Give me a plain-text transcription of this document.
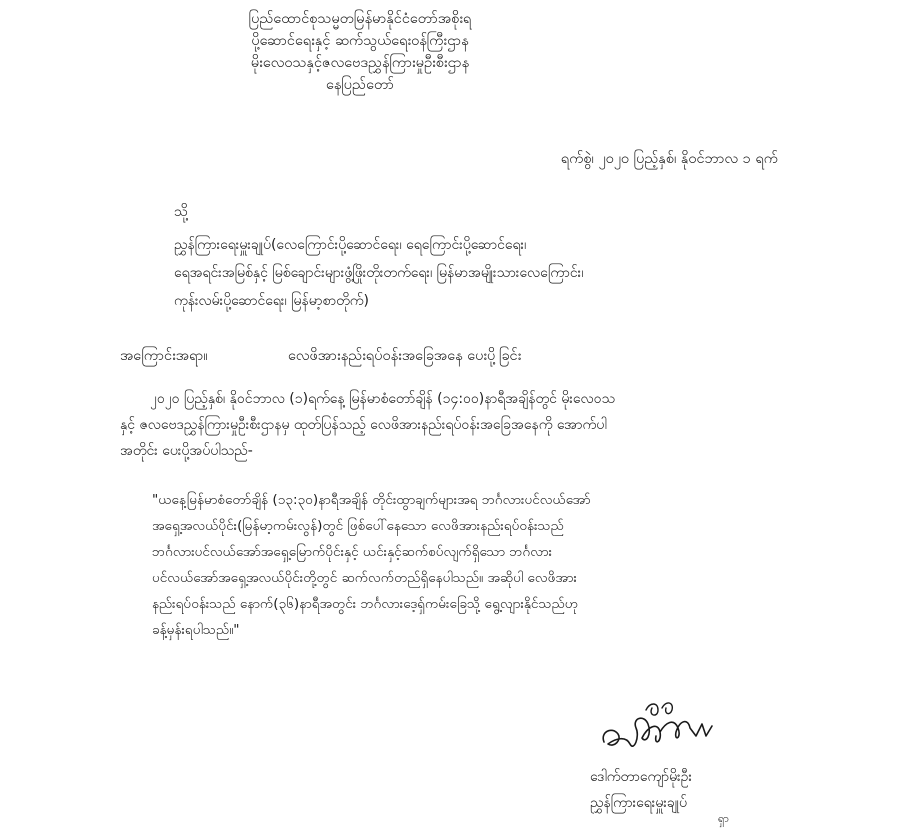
ပြည်ထောင်စုသမ္မတမြန်မာနိုင်ငံတော်အစိုးရ
ပို့ဆောင်ရေးနှင့် ဆက်သွယ်ရေးဝန်ကြီးဌာန
မိုးလေဝသနှင့်ဇလဗေဒညွှန်ကြားမှုဦးစီးဌာန
နေပြည်တော်
ရက်စွဲ၊ ၂၀၂၀ ပြည့်နှစ်၊ နိုဝင်ဘာလ ၁ ရက်
သို့
ညွှန်ကြားရေးမှူးချုပ်(လေကြောင်းပို့ဆောင်ရေး၊ ရေကြောင်းပို့ဆောင်ရေး၊
ရေအရင်းအမြစ်နှင့် မြစ်ချောင်းများဖွံ့ဖြိုးတိုးတက်ရေး၊ မြန်မာအမျိုးသားလေကြောင်း၊
ကုန်းလမ်းပို့ဆောင်ရေး၊ မြန်မာ့စာတိုက်)
အကြောင်းအရာ။	လေဖိအားနည်းရပ်ဝန်းအခြေအနေ ပေးပို့ခြင်း
၂၀၂၀ ပြည့်နှစ်၊ နိုဝင်ဘာလ (၁)ရက်နေ့ မြန်မာစံတော်ချိန် (၁၄:၀၀)နာရီအချိန်တွင် မိုးလေဝသ
နှင့် ဇလဗေဒညွှန်ကြားမှုဦးစီးဌာနမှ ထုတ်ပြန်သည့် လေဖိအားနည်းရပ်ဝန်းအခြေအနေကို အောက်ပါ
အတိုင်း ပေးပို့အပ်ပါသည်-
"ယနေ့မြန်မာစံတော်ချိန် (၁၃:၃၀)နာရီအချိန် တိုင်းထွာချက်များအရ ဘင်္ဂလားပင်လယ်အော်
အရှေ့အလယ်ပိုင်း(မြန်မာ့ကမ်းလွန်)တွင် ဖြစ်ပေါ်နေသော လေဖိအားနည်းရပ်ဝန်းသည်
ဘင်္ဂလားပင်လယ်အော်အရှေ့မြောက်ပိုင်းနှင့် ယင်းနှင့်ဆက်စပ်လျက်ရှိသော ဘင်္ဂလား
ပင်လယ်အော်အရှေ့အလယ်ပိုင်းတို့တွင် ဆက်လက်တည်ရှိနေပါသည်။ အဆိုပါ လေဖိအား
နည်းရပ်ဝန်းသည် နောက်(၃၆)နာရီအတွင်း ဘင်္ဂလားဒေ့ရှ်ကမ်းခြေသို့ ရွေ့လျားနိုင်သည်ဟု
ခန့်မှန်းရပါသည်။"
ဒေါက်တာကျော်မိုးဦး
ညွှန်ကြားရေးမှူးချုပ်
ရှာ
